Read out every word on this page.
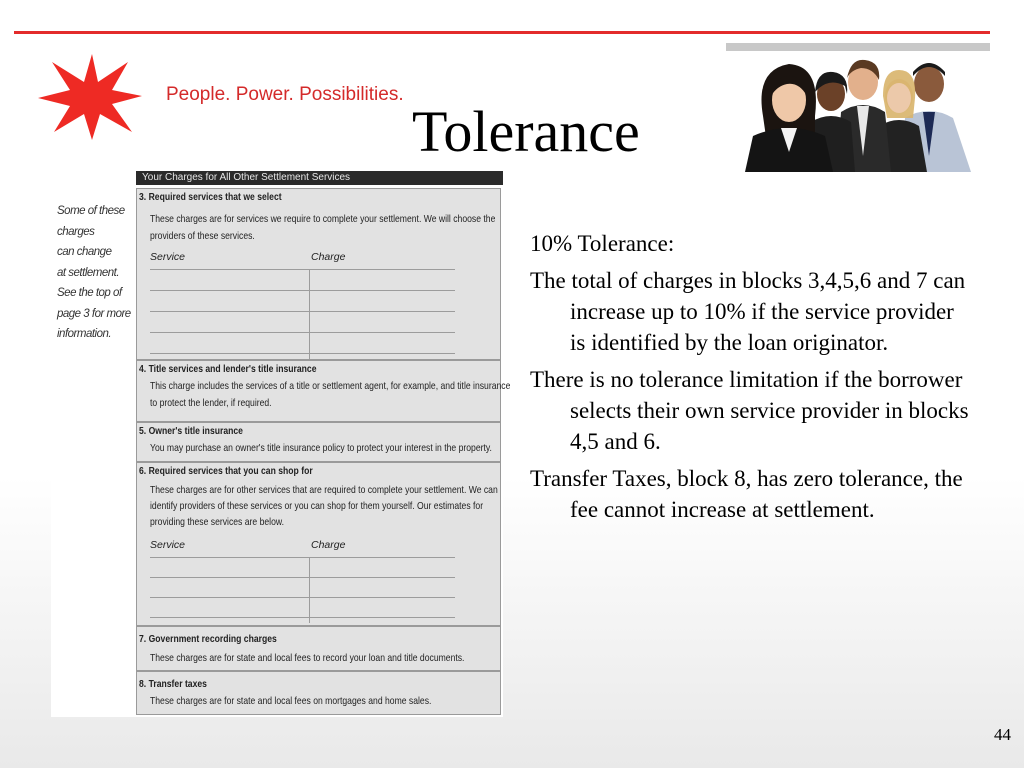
People. Power. Possibilities.

Tolerance
Your Charges for All Other Settlement Services
Some of these
charges
can change
at settlement.
See the top of
page 3 for more
information.
3. Required services that we select
These charges are for services we require to complete your settlement. We will choose the
providers of these services.
Service	Charge
4. Title services and lender's title insurance
This charge includes the services of a title or settlement agent, for example, and title insurance
to protect the lender, if required.
5. Owner's title insurance
You may purchase an owner's title insurance policy to protect your interest in the property.
6. Required services that you can shop for
These charges are for other services that are required to complete your settlement. We can
identify providers of these services or you can shop for them yourself. Our estimates for
providing these services are below.
Service	Charge
7. Government recording charges
These charges are for state and local fees to record your loan and title documents.
8. Transfer taxes
These charges are for state and local fees on mortgages and home sales.
10% Tolerance:
The total of charges in blocks 3,4,5,6 and 7 can increase up to 10% if the service provider is identified by the loan originator.
There is no tolerance limitation if the borrower selects their own service provider in blocks 4,5 and 6.
Transfer Taxes, block 8, has zero tolerance, the fee cannot increase at settlement.
44
